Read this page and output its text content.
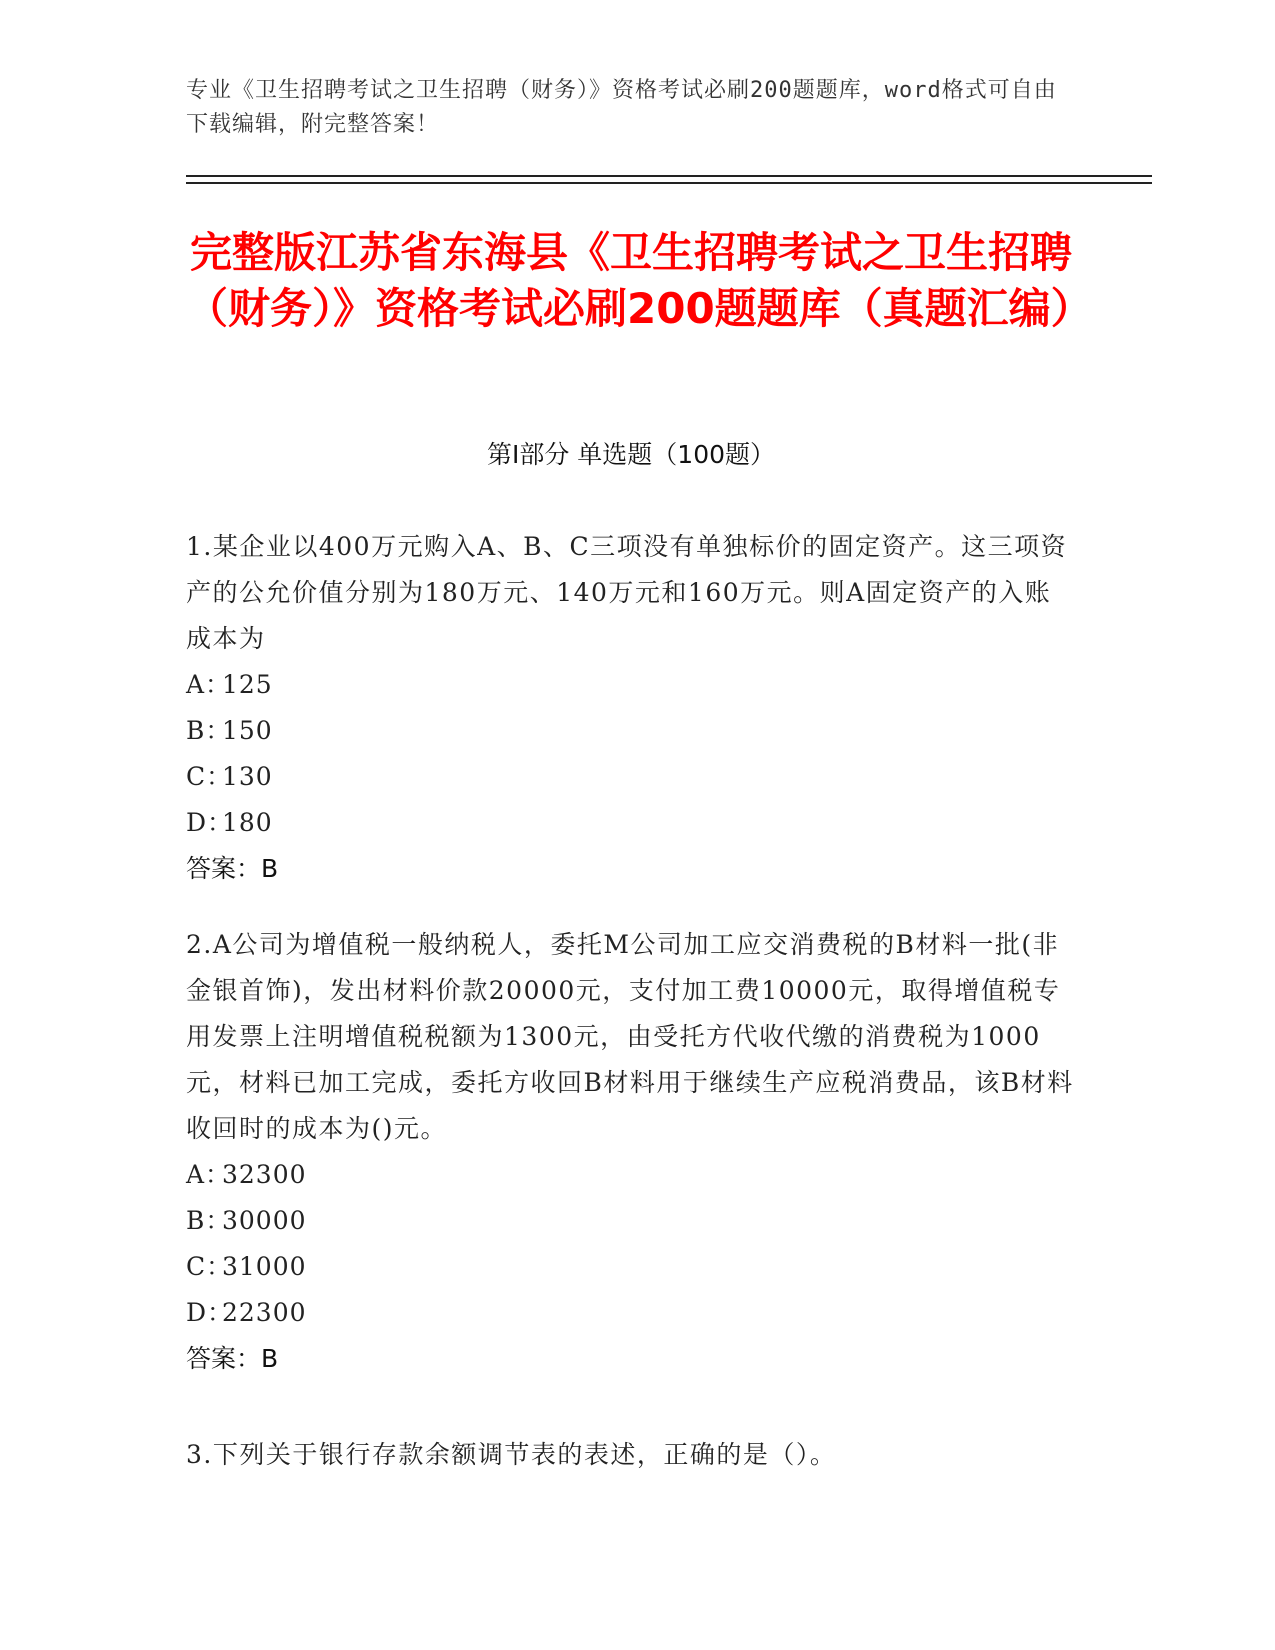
专业《卫生招聘考试之卫生招聘（财务）》资格考试必刷200题题库，word格式可自由下载编辑，附完整答案！
完整版江苏省东海县《卫生招聘考试之卫生招聘（财务）》资格考试必刷200题题库（真题汇编）
第Ⅰ部分 单选题（100题）

1.某企业以400万元购入A、B、C三项没有单独标价的固定资产。这三项资产的公允价值分别为180万元、140万元和160万元。则A固定资产的入账成本为

A：125
B：150
C：130
D：180
答案：B

2.A公司为增值税一般纳税人，委托M公司加工应交消费税的B材料一批(非金银首饰)，发出材料价款20000元，支付加工费10000元，取得增值税专用发票上注明增值税税额为1300元，由受托方代收代缴的消费税为1000元，材料已加工完成，委托方收回B材料用于继续生产应税消费品，该B材料收回时的成本为()元。

A：32300
B：30000
C：31000
D：22300
答案：B

3.下列关于银行存款余额调节表的表述，正确的是（）。
